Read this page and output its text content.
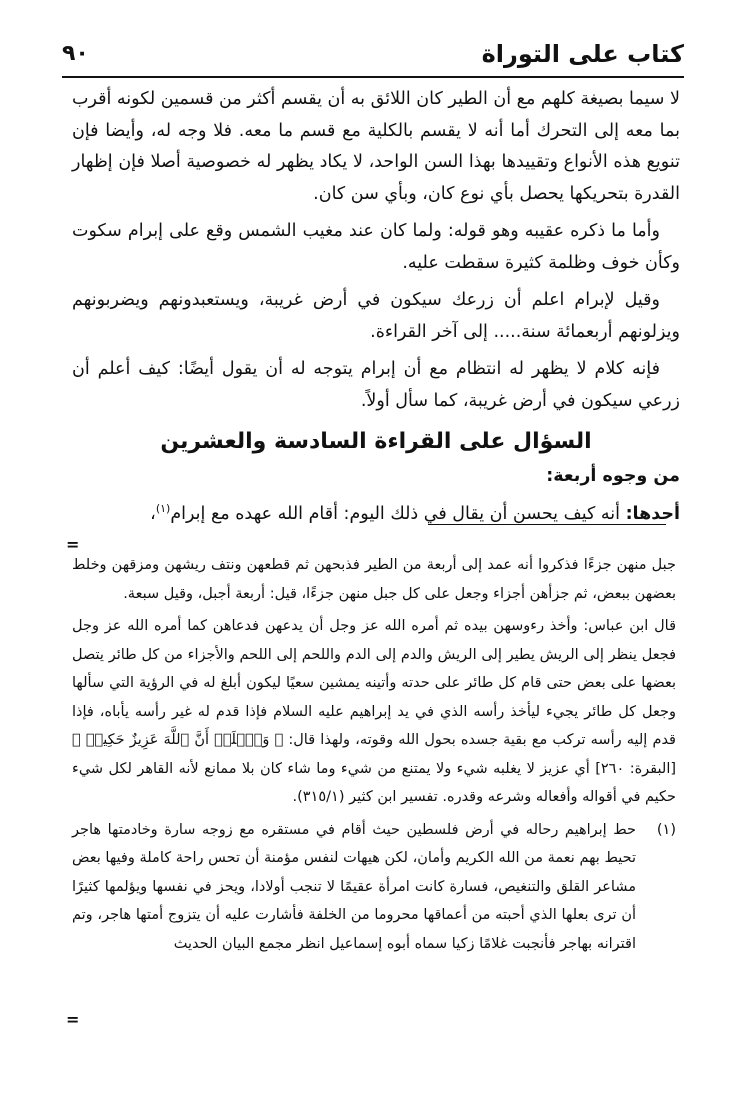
كتاب على التوراة
٩٠

لا سيما بصيغة كلهم مع أن الطير كان اللائق به أن يقسم أكثر من قسمين لكونه أقرب بما معه إلى التحرك أما أنه لا يقسم بالكلية مع قسم ما معه. فلا وجه له، وأيضا فإن تنويع هذه الأنواع وتقييدها بهذا السن الواحد، لا يكاد يظهر له خصوصية أصلا فإن إظهار القدرة بتحريكها يحصل بأي نوع كان، وبأي سن كان.

وأما ما ذكره عقيبه وهو قوله: ولما كان عند مغيب الشمس وقع على إبرام سكوت وكأن خوف وظلمة كثيرة سقطت عليه.

وقيل لإبرام اعلم أن زرعك سيكون في أرض غريبة، ويستعبدونهم ويضربونهم ويزلونهم أربعمائة سنة..... إلى آخر القراءة.

فإنه كلام لا يظهر له انتظام مع أن إبرام يتوجه له أن يقول أيضًا: كيف أعلم أن زرعي سيكون في أرض غريبة، كما سأل أولاً.

السؤال على القراءة السادسة والعشرين

من وجوه أربعة:

أحدها: أنه كيف يحسن أن يقال في ذلك اليوم: أقام الله عهده مع إبرام$^{(١)}$،

=

جبل منهن جزءًا فذكروا أنه عمد إلى أربعة من الطير فذبحهن ثم قطعهن ونتف ريشهن ومزقهن وخلط بعضهن ببعض، ثم جزأهن أجزاء وجعل على كل جبل منهن جزءًا، قيل: أربعة أجبل، وقيل سبعة.

قال ابن عباس: وأخذ رءوسهن بيده ثم أمره الله عز وجل أن يدعهن فدعاهن كما أمره الله عز وجل فجعل ينظر إلى الريش يطير إلى الريش والدم إلى الدم واللحم إلى اللحم والأجزاء من كل طائر يتصل بعضها على بعض حتى قام كل طائر على حدته وأتينه يمشين سعيًا ليكون أبلغ له في الرؤية التي سألها وجعل كل طائر يجيء ليأخذ رأسه الذي في يد إبراهيم عليه السلام فإذا قدم له غير رأسه يأباه، فإذا قدم إليه رأسه تركب مع بقية جسده بحول الله وقوته، ولهذا قال: ﴿ وَٱعۡلَمۡ أَنَّ ٱللَّهَ عَزِيزٌ حَكِيمٞ ﴾ [البقرة: ٢٦٠] أي عزيز لا يغلبه شيء ولا يمتنع من شيء وما شاء كان بلا ممانع لأنه القاهر لكل شيء حكيم في أقواله وأفعاله وشرعه وقدره. تفسير ابن كثير (٣١٥/١).

(١)
حط إبراهيم رحاله في أرض فلسطين حيث أقام في مستقره مع زوجه سارة وخادمتها هاجر تحيط بهم نعمة من الله الكريم وأمان، لكن هيهات لنفس مؤمنة أن تحس راحة كاملة وفيها بعض مشاعر القلق والتنغيص، فسارة كانت امرأة عقيمًا لا تنجب أولادا، ويحز في نفسها ويؤلمها كثيرًا أن ترى بعلها الذي أحبته من أعماقها محروما من الخلفة فأشارت عليه أن يتزوج أمتها هاجر، وتم اقترانه بهاجر فأنجبت غلامًا زكيا سماه أبوه إسماعيل انظر مجمع البيان الحديث

=
